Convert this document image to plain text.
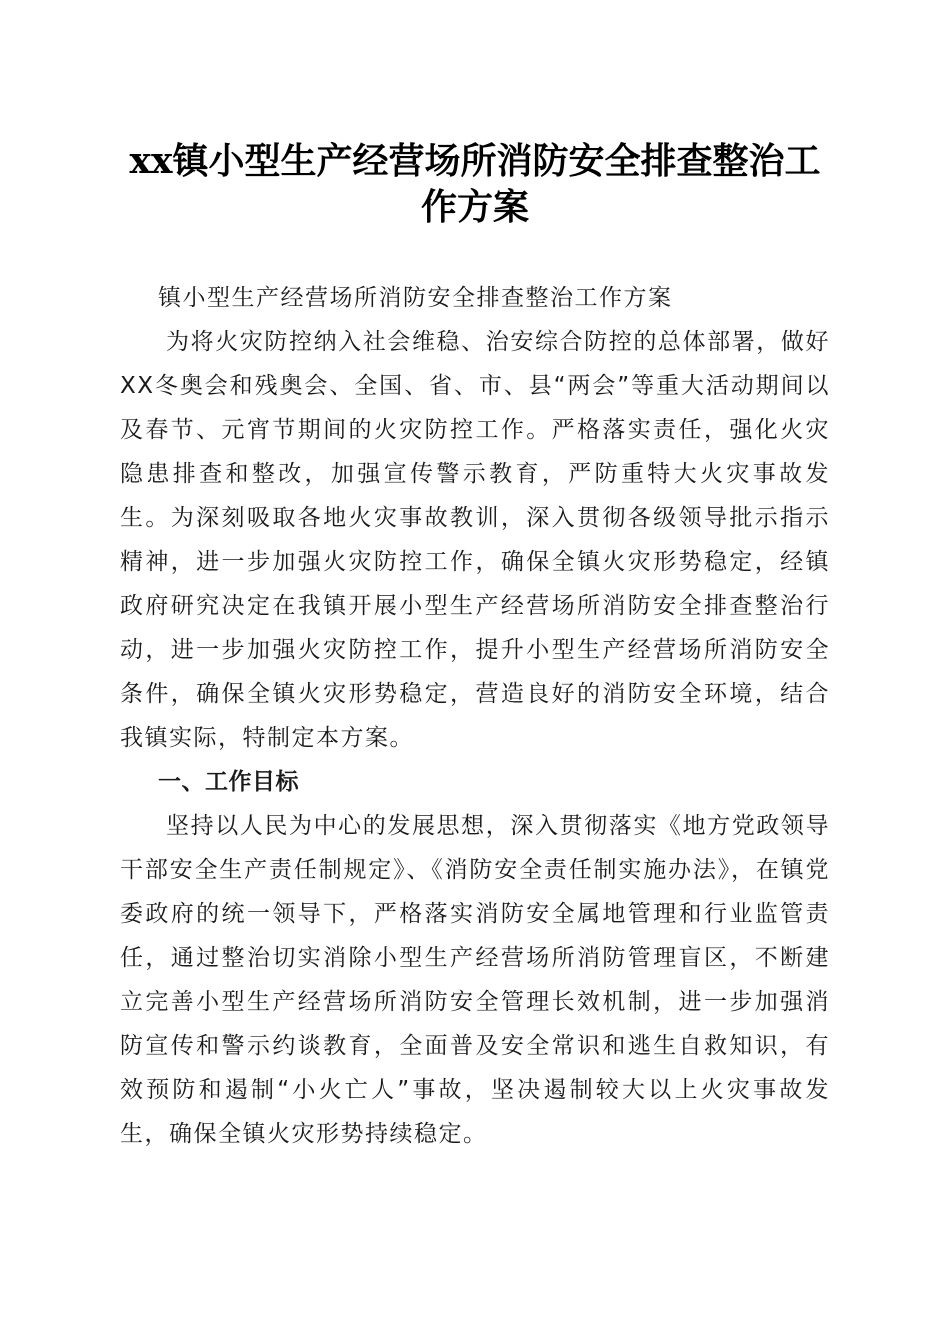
xx镇小型生产经营场所消防安全排查整治工作方案

镇小型生产经营场所消防安全排查整治工作方案

为将火灾防控纳入社会维稳、治安综合防控的总体部署，做好XX冬奥会和残奥会、全国、省、市、县“两会”等重大活动期间以及春节、元宵节期间的火灾防控工作。严格落实责任，强化火灾隐患排查和整改，加强宣传警示教育，严防重特大火灾事故发生。为深刻吸取各地火灾事故教训，深入贯彻各级领导批示指示精神，进一步加强火灾防控工作，确保全镇火灾形势稳定，经镇政府研究决定在我镇开展小型生产经营场所消防安全排查整治行动，进一步加强火灾防控工作，提升小型生产经营场所消防安全条件，确保全镇火灾形势稳定，营造良好的消防安全环境，结合我镇实际，特制定本方案。

一、工作目标

坚持以人民为中心的发展思想，深入贯彻落实《地方党政领导干部安全生产责任制规定》、《消防安全责任制实施办法》，在镇党委政府的统一领导下，严格落实消防安全属地管理和行业监管责任，通过整治切实消除小型生产经营场所消防管理盲区，不断建立完善小型生产经营场所消防安全管理长效机制，进一步加强消防宣传和警示约谈教育，全面普及安全常识和逃生自救知识，有效预防和遏制“小火亡人”事故，坚决遏制较大以上火灾事故发生，确保全镇火灾形势持续稳定。
